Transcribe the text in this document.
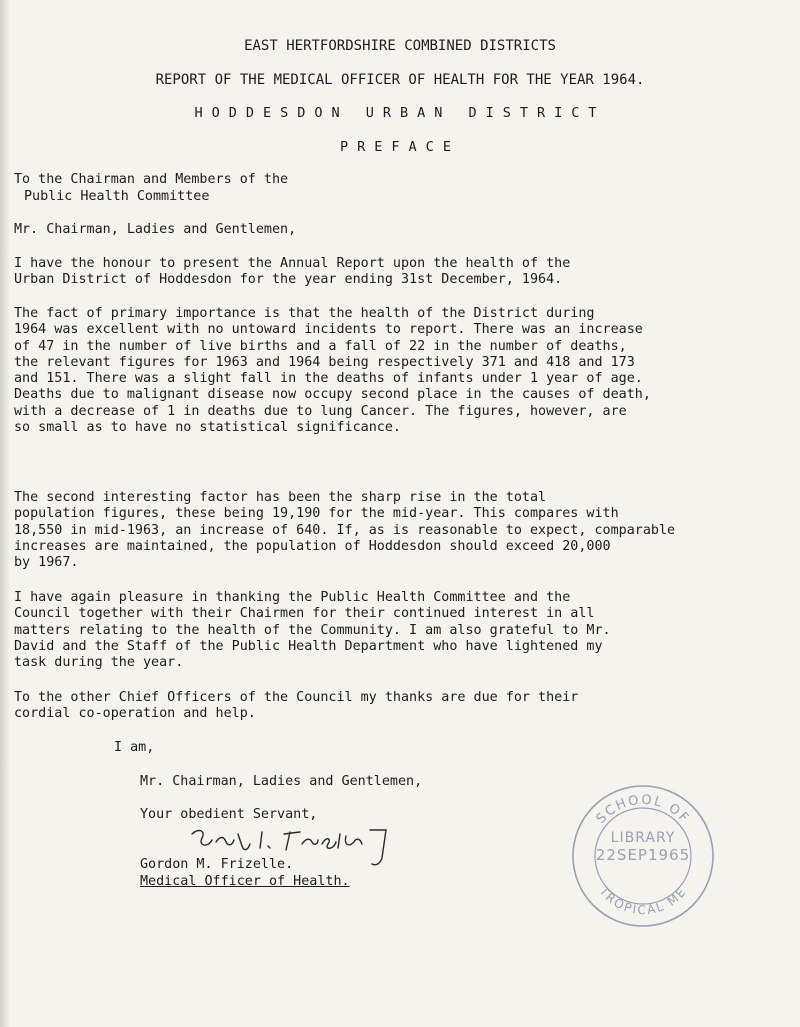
EAST HERTFORDSHIRE COMBINED DISTRICTS
REPORT OF THE MEDICAL OFFICER OF HEALTH FOR THE YEAR 1964.
HODDESDON URBAN DISTRICT
PREFACE
To the Chairman and Members of the
Public Health Committee
Mr. Chairman, Ladies and Gentlemen,
I have the honour to present the Annual Report upon the health of the
Urban District of Hoddesdon for the year ending 31st December, 1964.
The fact of primary importance is that the health of the District during
1964 was excellent with no untoward incidents to report. There was an increase
of 47 in the number of live births and a fall of 22 in the number of deaths,
the relevant figures for 1963 and 1964 being respectively 371 and 418 and 173
and 151. There was a slight fall in the deaths of infants under 1 year of age.
Deaths due to malignant disease now occupy second place in the causes of death,
with a decrease of 1 in deaths due to lung Cancer. The figures, however, are
so small as to have no statistical significance.
The second interesting factor has been the sharp rise in the total
population figures, these being 19,190 for the mid-year. This compares with
18,550 in mid-1963, an increase of 640. If, as is reasonable to expect, comparable
increases are maintained, the population of Hoddesdon should exceed 20,000
by 1967.
I have again pleasure in thanking the Public Health Committee and the
Council together with their Chairmen for their continued interest in all
matters relating to the health of the Community. I am also grateful to Mr.
David and the Staff of the Public Health Department who have lightened my
task during the year.
To the other Chief Officers of the Council my thanks are due for their
cordial co-operation and help.
I am,
Mr. Chairman, Ladies and Gentlemen,
Your obedient Servant,
Gordon M. Frizelle.
Medical Officer of Health.
SCHOOL OF
LIBRARY
TROPICAL ME
22SEP1965
